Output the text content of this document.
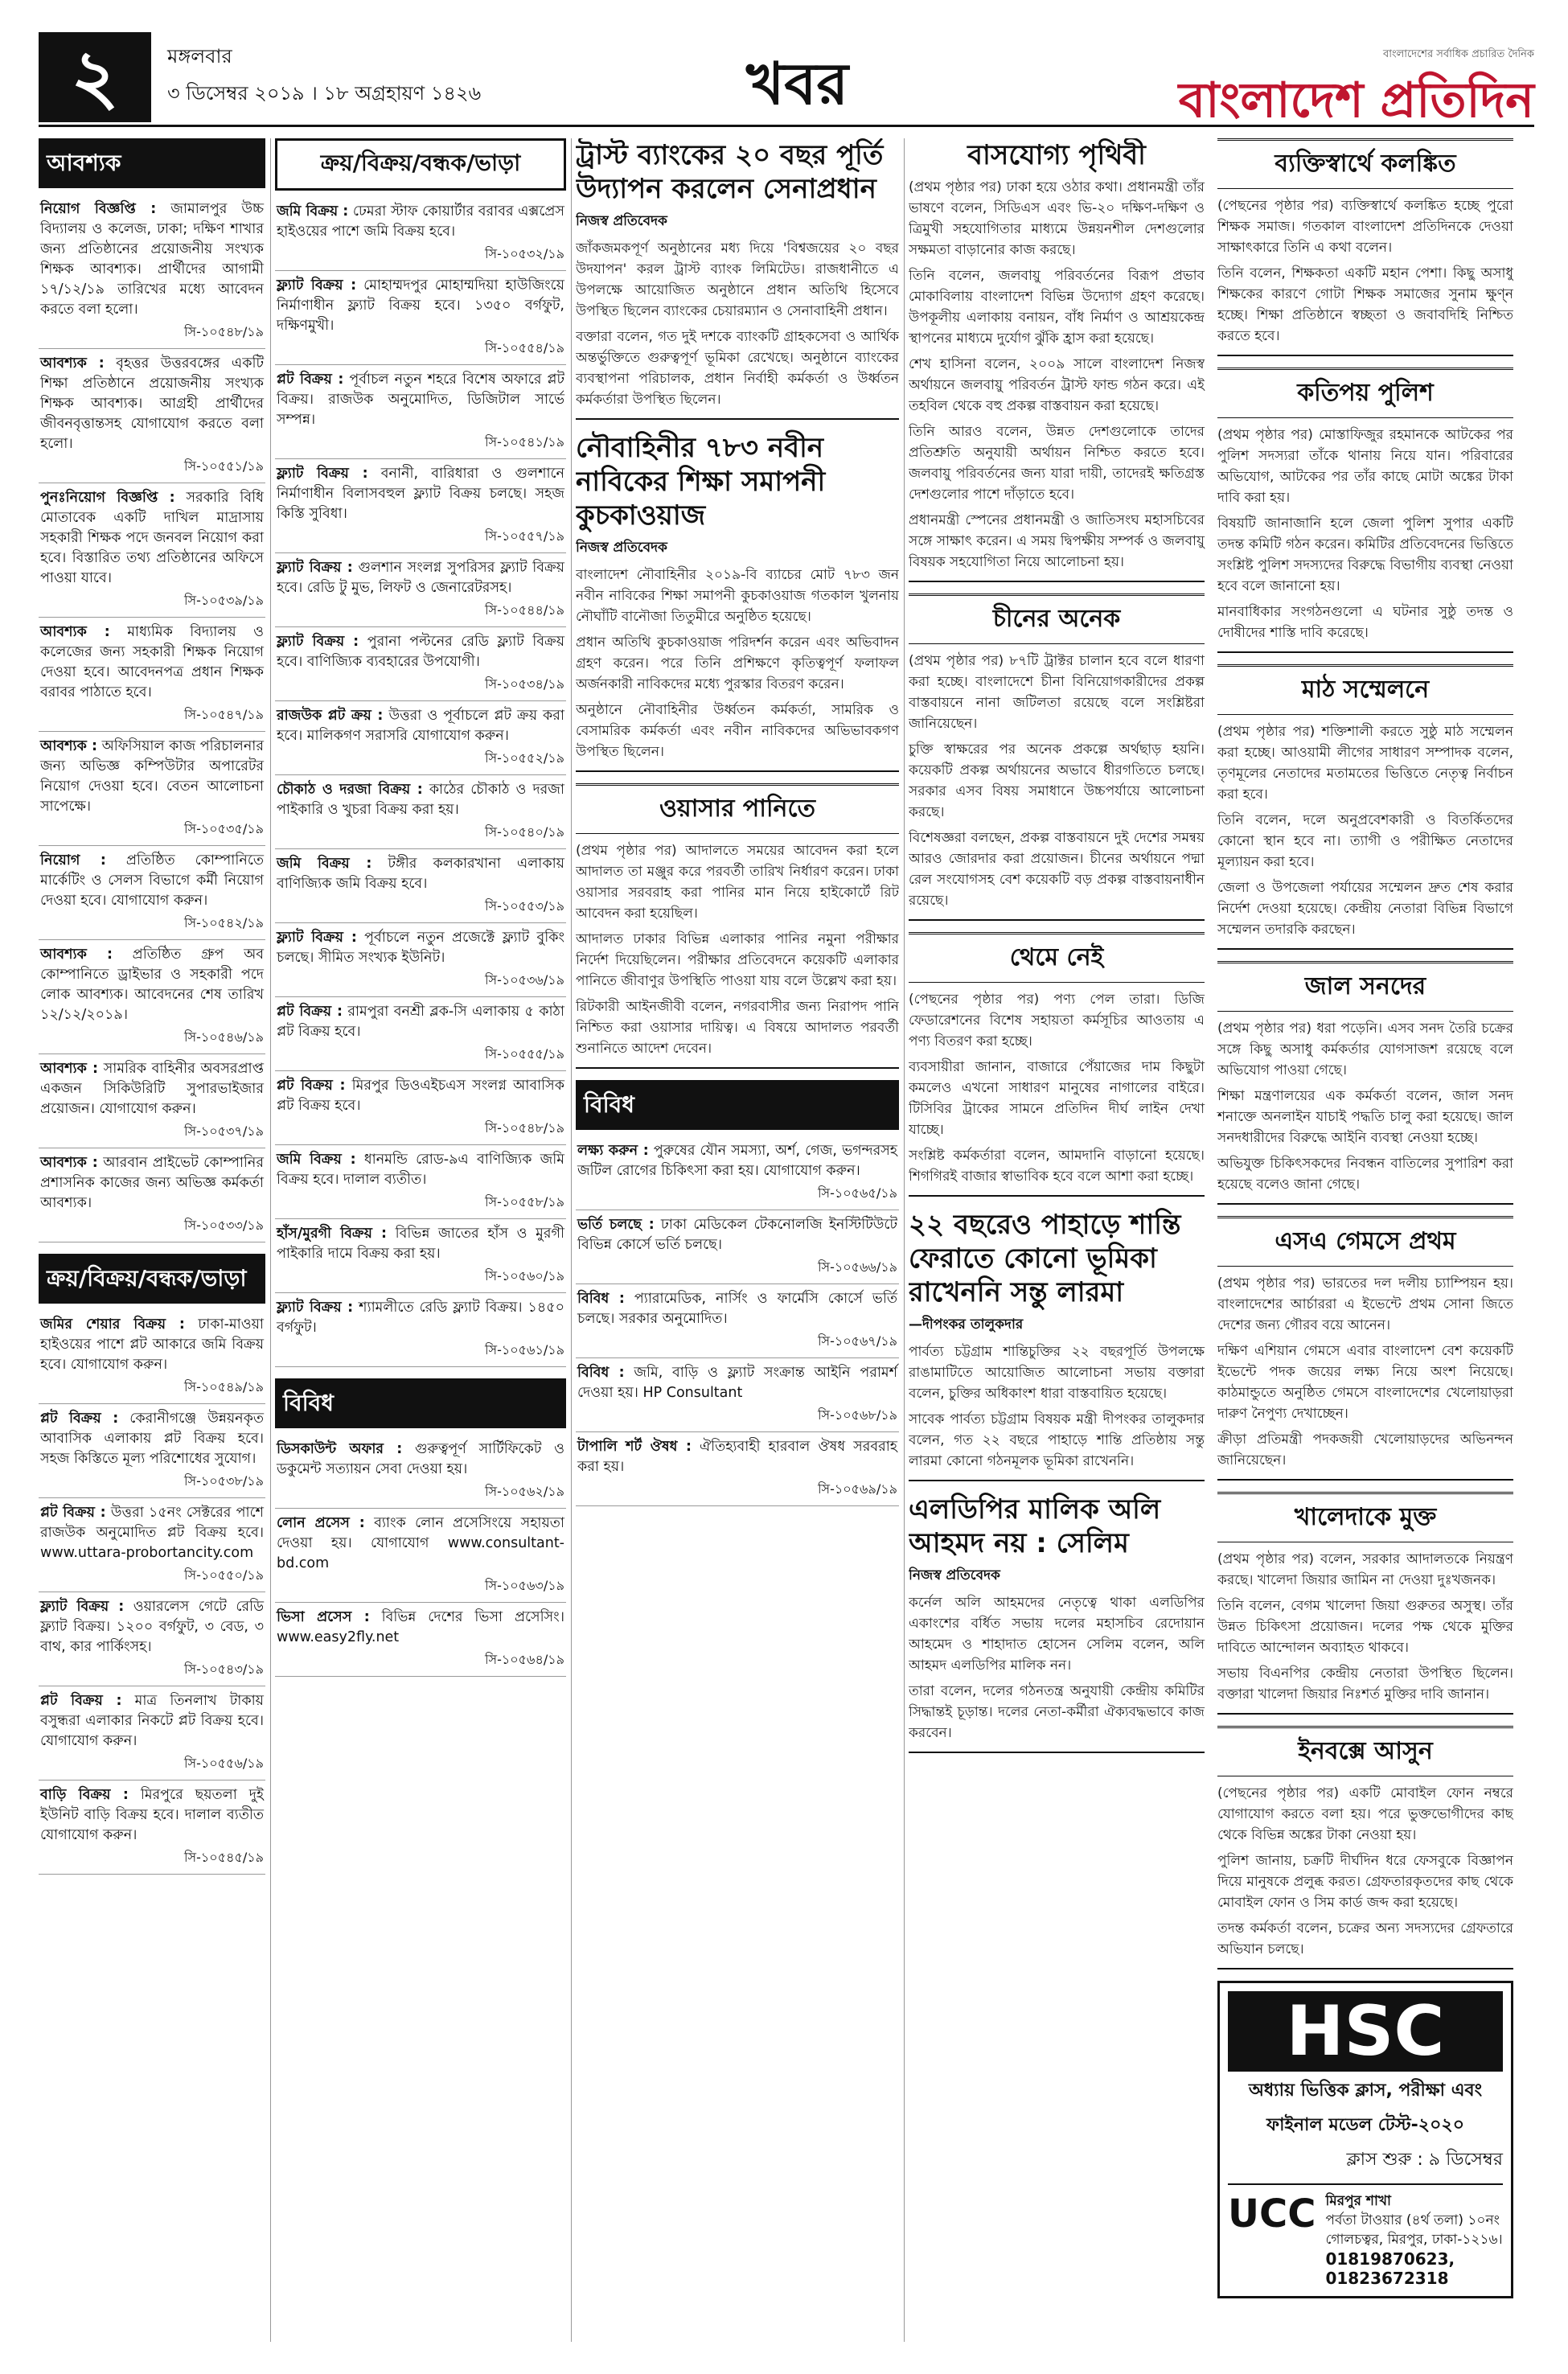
২	মঙ্গলবার
৩ ডিসেম্বর ২০১৯ । ১৮ অগ্রহায়ণ ১৪২৬	খবর	বাংলাদেশের সর্বাধিক প্রচারিত দৈনিক
বাংলাদেশ প্রতিদিন
আবশ্যক
নিয়োগ বিজ্ঞপ্তি : জামালপুর উচ্চ বিদ্যালয় ও কলেজ, ঢাকা; দক্ষিণ শাখার জন্য প্রতিষ্ঠানের প্রয়োজনীয় সংখ্যক শিক্ষক আবশ্যক। প্রার্থীদের আগামী ১৭/১২/১৯ তারিখের মধ্যে আবেদন করতে বলা হলো।
সি-১০৫৪৮/১৯
আবশ্যক : বৃহত্তর উত্তরবঙ্গের একটি শিক্ষা প্রতিষ্ঠানে প্রয়োজনীয় সংখ্যক শিক্ষক আবশ্যক। আগ্রহী প্রার্থীদের জীবনবৃত্তান্তসহ যোগাযোগ করতে বলা হলো।
সি-১০৫৫১/১৯
পুনঃনিয়োগ বিজ্ঞপ্তি : সরকারি বিধি মোতাবেক একটি দাখিল মাদ্রাসায় সহকারী শিক্ষক পদে জনবল নিয়োগ করা হবে। বিস্তারিত তথ্য প্রতিষ্ঠানের অফিসে পাওয়া যাবে।
সি-১০৫৩৯/১৯
আবশ্যক : মাধ্যমিক বিদ্যালয় ও কলেজের জন্য সহকারী শিক্ষক নিয়োগ দেওয়া হবে। আবেদনপত্র প্রধান শিক্ষক বরাবর পাঠাতে হবে।
সি-১০৫৪৭/১৯
আবশ্যক : অফিসিয়াল কাজ পরিচালনার জন্য অভিজ্ঞ কম্পিউটার অপারেটর নিয়োগ দেওয়া হবে। বেতন আলোচনা সাপেক্ষে।
সি-১০৫৩৫/১৯
নিয়োগ : প্রতিষ্ঠিত কোম্পানিতে মার্কেটিং ও সেলস বিভাগে কর্মী নিয়োগ দেওয়া হবে। যোগাযোগ করুন।
সি-১০৫৪২/১৯
আবশ্যক : প্রতিষ্ঠিত গ্রুপ অব কোম্পানিতে ড্রাইভার ও সহকারী পদে লোক আবশ্যক। আবেদনের শেষ তারিখ ১২/১২/২০১৯।
সি-১০৫৪৬/১৯
আবশ্যক : সামরিক বাহিনীর অবসরপ্রাপ্ত একজন সিকিউরিটি সুপারভাইজার প্রয়োজন। যোগাযোগ করুন।
সি-১০৫৩৭/১৯
আবশ্যক : আরবান প্রাইভেট কোম্পানির প্রশাসনিক কাজের জন্য অভিজ্ঞ কর্মকর্তা আবশ্যক।
সি-১০৫৩৩/১৯
ক্রয়/বিক্রয়/বন্ধক/ভাড়া
জমির শেয়ার বিক্রয় : ঢাকা-মাওয়া হাইওয়ের পাশে প্লট আকারে জমি বিক্রয় হবে। যোগাযোগ করুন।
সি-১০৫৪৯/১৯
প্লট বিক্রয় : কেরানীগঞ্জে উন্নয়নকৃত আবাসিক এলাকায় প্লট বিক্রয় হবে। সহজ কিস্তিতে মূল্য পরিশোধের সুযোগ।
সি-১০৫৩৮/১৯
প্লট বিক্রয় : উত্তরা ১৫নং সেক্টরের পাশে রাজউক অনুমোদিত প্লট বিক্রয় হবে। www.uttara-probortancity.com
সি-১০৫৫০/১৯
ফ্ল্যাট বিক্রয় : ওয়ারলেস গেটে রেডি ফ্ল্যাট বিক্রয়। ১২০০ বর্গফুট, ৩ বেড, ৩ বাথ, কার পার্কিংসহ।
সি-১০৫৪৩/১৯
প্লট বিক্রয় : মাত্র তিনলাখ টাকায় বসুন্ধরা এলাকার নিকটে প্লট বিক্রয় হবে। যোগাযোগ করুন।
সি-১০৫৫৬/১৯
বাড়ি বিক্রয় : মিরপুরে ছয়তলা দুই ইউনিট বাড়ি বিক্রয় হবে। দালাল ব্যতীত যোগাযোগ করুন।
সি-১০৫৪৫/১৯
ক্রয়/বিক্রয়/বন্ধক/ভাড়া
জমি বিক্রয় : ঢেমরা স্টাফ কোয়ার্টার বরাবর এক্সপ্রেস হাইওয়ের পাশে জমি বিক্রয় হবে।
সি-১০৫৩২/১৯
ফ্ল্যাট বিক্রয় : মোহাম্মদপুর মোহাম্মদিয়া হাউজিংয়ে নির্মাণাধীন ফ্ল্যাট বিক্রয় হবে। ১৩৫০ বর্গফুট, দক্ষিণমুখী।
সি-১০৫৫৪/১৯
প্লট বিক্রয় : পূর্বাচল নতুন শহরে বিশেষ অফারে প্লট বিক্রয়। রাজউক অনুমোদিত, ডিজিটাল সার্ভে সম্পন্ন।
সি-১০৫৪১/১৯
ফ্ল্যাট বিক্রয় : বনানী, বারিধারা ও গুলশানে নির্মাণাধীন বিলাসবহুল ফ্ল্যাট বিক্রয় চলছে। সহজ কিস্তি সুবিধা।
সি-১০৫৫৭/১৯
ফ্ল্যাট বিক্রয় : গুলশান সংলগ্ন সুপরিসর ফ্ল্যাট বিক্রয় হবে। রেডি টু মুভ, লিফট ও জেনারেটরসহ।
সি-১০৫৪৪/১৯
ফ্ল্যাট বিক্রয় : পুরানা পল্টনের রেডি ফ্ল্যাট বিক্রয় হবে। বাণিজ্যিক ব্যবহারের উপযোগী।
সি-১০৫৩৪/১৯
রাজউক প্লট ক্রয় : উত্তরা ও পূর্বাচলে প্লট ক্রয় করা হবে। মালিকগণ সরাসরি যোগাযোগ করুন।
সি-১০৫৫২/১৯
চৌকাঠ ও দরজা বিক্রয় : কাঠের চৌকাঠ ও দরজা পাইকারি ও খুচরা বিক্রয় করা হয়।
সি-১০৫৪০/১৯
জমি বিক্রয় : টঙ্গীর কলকারখানা এলাকায় বাণিজ্যিক জমি বিক্রয় হবে।
সি-১০৫৫৩/১৯
ফ্ল্যাট বিক্রয় : পূর্বাচলে নতুন প্রজেক্টে ফ্ল্যাট বুকিং চলছে। সীমিত সংখ্যক ইউনিট।
সি-১০৫৩৬/১৯
প্লট বিক্রয় : রামপুরা বনশ্রী ব্লক-সি এলাকায় ৫ কাঠা প্লট বিক্রয় হবে।
সি-১০৫৫৫/১৯
প্লট বিক্রয় : মিরপুর ডিওএইচএস সংলগ্ন আবাসিক প্লট বিক্রয় হবে।
সি-১০৫৪৮/১৯
জমি বিক্রয় : ধানমন্ডি রোড-৯এ বাণিজ্যিক জমি বিক্রয় হবে। দালাল ব্যতীত।
সি-১০৫৫৮/১৯
হাঁস/মুরগী বিক্রয় : বিভিন্ন জাতের হাঁস ও মুরগী পাইকারি দামে বিক্রয় করা হয়।
সি-১০৫৬০/১৯
ফ্ল্যাট বিক্রয় : শ্যামলীতে রেডি ফ্ল্যাট বিক্রয়। ১৪৫০ বর্গফুট।
সি-১০৫৬১/১৯
বিবিধ
ডিসকাউন্ট অফার : গুরুত্বপূর্ণ সার্টিফিকেট ও ডকুমেন্ট সত্যায়ন সেবা দেওয়া হয়।
সি-১০৫৬২/১৯
লোন প্রসেস : ব্যাংক লোন প্রসেসিংয়ে সহায়তা দেওয়া হয়। যোগাযোগ www.consultant-bd.com
সি-১০৫৬৩/১৯
ভিসা প্রসেস : বিভিন্ন দেশের ভিসা প্রসেসিং। www.easy2fly.net
সি-১০৫৬৪/১৯
ট্রাস্ট ব্যাংকের ২০ বছর পূর্তি উদ্যাপন করলেন সেনাপ্রধান
নিজস্ব প্রতিবেদক

জাঁকজমকপূর্ণ অনুষ্ঠানের মধ্য দিয়ে 'বিশ্বজয়ের ২০ বছর উদযাপন' করল ট্রাস্ট ব্যাংক লিমিটেড। রাজধানীতে এ উপলক্ষে আয়োজিত অনুষ্ঠানে প্রধান অতিথি হিসেবে উপস্থিত ছিলেন ব্যাংকের চেয়ারম্যান ও সেনাবাহিনী প্রধান।

বক্তারা বলেন, গত দুই দশকে ব্যাংকটি গ্রাহকসেবা ও আর্থিক অন্তর্ভুক্তিতে গুরুত্বপূর্ণ ভূমিকা রেখেছে। অনুষ্ঠানে ব্যাংকের ব্যবস্থাপনা পরিচালক, প্রধান নির্বাহী কর্মকর্তা ও উর্ধ্বতন কর্মকর্তারা উপস্থিত ছিলেন।

নৌবাহিনীর ৭৮৩ নবীন নাবিকের শিক্ষা সমাপনী কুচকাওয়াজ
নিজস্ব প্রতিবেদক

বাংলাদেশ নৌবাহিনীর ২০১৯-বি ব্যাচের মোট ৭৮৩ জন নবীন নাবিকের শিক্ষা সমাপনী কুচকাওয়াজ গতকাল খুলনায় নৌঘাঁটি বানৌজা তিতুমীরে অনুষ্ঠিত হয়েছে।

প্রধান অতিথি কুচকাওয়াজ পরিদর্শন করেন এবং অভিবাদন গ্রহণ করেন। পরে তিনি প্রশিক্ষণে কৃতিত্বপূর্ণ ফলাফল অর্জনকারী নাবিকদের মধ্যে পুরস্কার বিতরণ করেন।

অনুষ্ঠানে নৌবাহিনীর উর্ধ্বতন কর্মকর্তা, সামরিক ও বেসামরিক কর্মকর্তা এবং নবীন নাবিকদের অভিভাবকগণ উপস্থিত ছিলেন।

ওয়াসার পানিতে

(প্রথম পৃষ্ঠার পর) আদালতে সময়ের আবেদন করা হলে আদালত তা মঞ্জুর করে পরবর্তী তারিখ নির্ধারণ করেন। ঢাকা ওয়াসার সরবরাহ করা পানির মান নিয়ে হাইকোর্টে রিট আবেদন করা হয়েছিল।

আদালত ঢাকার বিভিন্ন এলাকার পানির নমুনা পরীক্ষার নির্দেশ দিয়েছিলেন। পরীক্ষার প্রতিবেদনে কয়েকটি এলাকার পানিতে জীবাণুর উপস্থিতি পাওয়া যায় বলে উল্লেখ করা হয়।

রিটকারী আইনজীবী বলেন, নগরবাসীর জন্য নিরাপদ পানি নিশ্চিত করা ওয়াসার দায়িত্ব। এ বিষয়ে আদালত পরবর্তী শুনানিতে আদেশ দেবেন।

বিবিধ
লক্ষ্য করুন : পুরুষের যৌন সমস্যা, অর্শ, গেজ, ভগন্দরসহ জটিল রোগের চিকিৎসা করা হয়। যোগাযোগ করুন।
সি-১০৫৬৫/১৯
ভর্তি চলছে : ঢাকা মেডিকেল টেকনোলজি ইনস্টিটিউটে বিভিন্ন কোর্সে ভর্তি চলছে।
সি-১০৫৬৬/১৯
বিবিধ : প্যারামেডিক, নার্সিং ও ফার্মেসি কোর্সে ভর্তি চলছে। সরকার অনুমোদিত।
সি-১০৫৬৭/১৯
বিবিধ : জমি, বাড়ি ও ফ্ল্যাট সংক্রান্ত আইনি পরামর্শ দেওয়া হয়। HP Consultant
সি-১০৫৬৮/১৯
টাপালি শর্ট ঔষধ : ঐতিহ্যবাহী হারবাল ঔষধ সরবরাহ করা হয়।
সি-১০৫৬৯/১৯
বাসযোগ্য পৃথিবী

(প্রথম পৃষ্ঠার পর) ঢাকা হয়ে ওঠার কথা। প্রধানমন্ত্রী তাঁর ভাষণে বলেন, সিডিএস এবং ভি-২০ দক্ষিণ-দক্ষিণ ও ত্রিমুখী সহযোগিতার মাধ্যমে উন্নয়নশীল দেশগুলোর সক্ষমতা বাড়ানোর কাজ করছে।

তিনি বলেন, জলবায়ু পরিবর্তনের বিরূপ প্রভাব মোকাবিলায় বাংলাদেশ বিভিন্ন উদ্যোগ গ্রহণ করেছে। উপকূলীয় এলাকায় বনায়ন, বাঁধ নির্মাণ ও আশ্রয়কেন্দ্র স্থাপনের মাধ্যমে দুর্যোগ ঝুঁকি হ্রাস করা হয়েছে।

শেখ হাসিনা বলেন, ২০০৯ সালে বাংলাদেশ নিজস্ব অর্থায়নে জলবায়ু পরিবর্তন ট্রাস্ট ফান্ড গঠন করে। এই তহবিল থেকে বহু প্রকল্প বাস্তবায়ন করা হয়েছে।

তিনি আরও বলেন, উন্নত দেশগুলোকে তাদের প্রতিশ্রুতি অনুযায়ী অর্থায়ন নিশ্চিত করতে হবে। জলবায়ু পরিবর্তনের জন্য যারা দায়ী, তাদেরই ক্ষতিগ্রস্ত দেশগুলোর পাশে দাঁড়াতে হবে।

প্রধানমন্ত্রী স্পেনের প্রধানমন্ত্রী ও জাতিসংঘ মহাসচিবের সঙ্গে সাক্ষাৎ করেন। এ সময় দ্বিপক্ষীয় সম্পর্ক ও জলবায়ু বিষয়ক সহযোগিতা নিয়ে আলোচনা হয়।

চীনের অনেক

(প্রথম পৃষ্ঠার পর) ৮৭টি ট্রাক্টর চালান হবে বলে ধারণা করা হচ্ছে। বাংলাদেশে চীনা বিনিয়োগকারীদের প্রকল্প বাস্তবায়নে নানা জটিলতা রয়েছে বলে সংশ্লিষ্টরা জানিয়েছেন।

চুক্তি স্বাক্ষরের পর অনেক প্রকল্পে অর্থছাড় হয়নি। কয়েকটি প্রকল্প অর্থায়নের অভাবে ধীরগতিতে চলছে। সরকার এসব বিষয় সমাধানে উচ্চপর্যায়ে আলোচনা করছে।

বিশেষজ্ঞরা বলছেন, প্রকল্প বাস্তবায়নে দুই দেশের সমন্বয় আরও জোরদার করা প্রয়োজন। চীনের অর্থায়নে পদ্মা রেল সংযোগসহ বেশ কয়েকটি বড় প্রকল্প বাস্তবায়নাধীন রয়েছে।

থেমে নেই

(পেছনের পৃষ্ঠার পর) পণ্য পেল তারা। ডিজি ফেডারেশনের বিশেষ সহায়তা কর্মসূচির আওতায় এ পণ্য বিতরণ করা হচ্ছে।

ব্যবসায়ীরা জানান, বাজারে পেঁয়াজের দাম কিছুটা কমলেও এখনো সাধারণ মানুষের নাগালের বাইরে। টিসিবির ট্রাকের সামনে প্রতিদিন দীর্ঘ লাইন দেখা যাচ্ছে।

সংশ্লিষ্ট কর্মকর্তারা বলেন, আমদানি বাড়ানো হয়েছে। শিগগিরই বাজার স্বাভাবিক হবে বলে আশা করা হচ্ছে।

২২ বছরেও পাহাড়ে শান্তি ফেরাতে কোনো ভূমিকা রাখেননি সন্তু লারমা
—দীপংকর তালুকদার

পার্বত্য চট্টগ্রাম শান্তিচুক্তির ২২ বছরপূর্তি উপলক্ষে রাঙামাটিতে আয়োজিত আলোচনা সভায় বক্তারা বলেন, চুক্তির অধিকাংশ ধারা বাস্তবায়িত হয়েছে।

সাবেক পার্বত্য চট্টগ্রাম বিষয়ক মন্ত্রী দীপংকর তালুকদার বলেন, গত ২২ বছরে পাহাড়ে শান্তি প্রতিষ্ঠায় সন্তু লারমা কোনো গঠনমূলক ভূমিকা রাখেননি।

এলডিপির মালিক অলি আহমদ নয় : সেলিম
নিজস্ব প্রতিবেদক

কর্নেল অলি আহমদের নেতৃত্বে থাকা এলডিপির একাংশের বর্ধিত সভায় দলের মহাসচিব রেদোয়ান আহমেদ ও শাহাদাত হোসেন সেলিম বলেন, অলি আহমদ এলডিপির মালিক নন।

তারা বলেন, দলের গঠনতন্ত্র অনুযায়ী কেন্দ্রীয় কমিটির সিদ্ধান্তই চূড়ান্ত। দলের নেতা-কর্মীরা ঐক্যবদ্ধভাবে কাজ করবেন।

ব্যক্তিস্বার্থে কলঙ্কিত

(পেছনের পৃষ্ঠার পর) ব্যক্তিস্বার্থে কলঙ্কিত হচ্ছে পুরো শিক্ষক সমাজ। গতকাল বাংলাদেশ প্রতিদিনকে দেওয়া সাক্ষাৎকারে তিনি এ কথা বলেন।

তিনি বলেন, শিক্ষকতা একটি মহান পেশা। কিছু অসাধু শিক্ষকের কারণে গোটা শিক্ষক সমাজের সুনাম ক্ষুণ্ন হচ্ছে। শিক্ষা প্রতিষ্ঠানে স্বচ্ছতা ও জবাবদিহি নিশ্চিত করতে হবে।

কতিপয় পুলিশ

(প্রথম পৃষ্ঠার পর) মোস্তাফিজুর রহমানকে আটকের পর পুলিশ সদস্যরা তাঁকে থানায় নিয়ে যান। পরিবারের অভিযোগ, আটকের পর তাঁর কাছে মোটা অঙ্কের টাকা দাবি করা হয়।

বিষয়টি জানাজানি হলে জেলা পুলিশ সুপার একটি তদন্ত কমিটি গঠন করেন। কমিটির প্রতিবেদনের ভিত্তিতে সংশ্লিষ্ট পুলিশ সদস্যদের বিরুদ্ধে বিভাগীয় ব্যবস্থা নেওয়া হবে বলে জানানো হয়।

মানবাধিকার সংগঠনগুলো এ ঘটনার সুষ্ঠু তদন্ত ও দোষীদের শাস্তি দাবি করেছে।

মাঠ সম্মেলনে

(প্রথম পৃষ্ঠার পর) শক্তিশালী করতে সুষ্ঠু মাঠ সম্মেলন করা হচ্ছে। আওয়ামী লীগের সাধারণ সম্পাদক বলেন, তৃণমূলের নেতাদের মতামতের ভিত্তিতে নেতৃত্ব নির্বাচন করা হবে।

তিনি বলেন, দলে অনুপ্রবেশকারী ও বিতর্কিতদের কোনো স্থান হবে না। ত্যাগী ও পরীক্ষিত নেতাদের মূল্যায়ন করা হবে।

জেলা ও উপজেলা পর্যায়ের সম্মেলন দ্রুত শেষ করার নির্দেশ দেওয়া হয়েছে। কেন্দ্রীয় নেতারা বিভিন্ন বিভাগে সম্মেলন তদারকি করছেন।

জাল সনদের

(প্রথম পৃষ্ঠার পর) ধরা পড়েনি। এসব সনদ তৈরি চক্রের সঙ্গে কিছু অসাধু কর্মকর্তার যোগসাজশ রয়েছে বলে অভিযোগ পাওয়া গেছে।

শিক্ষা মন্ত্রণালয়ের এক কর্মকর্তা বলেন, জাল সনদ শনাক্তে অনলাইন যাচাই পদ্ধতি চালু করা হয়েছে। জাল সনদধারীদের বিরুদ্ধে আইনি ব্যবস্থা নেওয়া হচ্ছে।

অভিযুক্ত চিকিৎসকদের নিবন্ধন বাতিলের সুপারিশ করা হয়েছে বলেও জানা গেছে।

এসএ গেমসে প্রথম

(প্রথম পৃষ্ঠার পর) ভারতের দল দলীয় চ্যাম্পিয়ন হয়। বাংলাদেশের আর্চাররা এ ইভেন্টে প্রথম সোনা জিতে দেশের জন্য গৌরব বয়ে আনেন।

দক্ষিণ এশিয়ান গেমসে এবার বাংলাদেশ বেশ কয়েকটি ইভেন্টে পদক জয়ের লক্ষ্য নিয়ে অংশ নিয়েছে। কাঠমান্ডুতে অনুষ্ঠিত গেমসে বাংলাদেশের খেলোয়াড়রা দারুণ নৈপুণ্য দেখাচ্ছেন।

ক্রীড়া প্রতিমন্ত্রী পদকজয়ী খেলোয়াড়দের অভিনন্দন জানিয়েছেন।

খালেদাকে মুক্ত

(প্রথম পৃষ্ঠার পর) বলেন, সরকার আদালতকে নিয়ন্ত্রণ করছে। খালেদা জিয়ার জামিন না দেওয়া দুঃখজনক।

তিনি বলেন, বেগম খালেদা জিয়া গুরুতর অসুস্থ। তাঁর উন্নত চিকিৎসা প্রয়োজন। দলের পক্ষ থেকে মুক্তির দাবিতে আন্দোলন অব্যাহত থাকবে।

সভায় বিএনপির কেন্দ্রীয় নেতারা উপস্থিত ছিলেন। বক্তারা খালেদা জিয়ার নিঃশর্ত মুক্তির দাবি জানান।

ইনবক্সে আসুন

(পেছনের পৃষ্ঠার পর) একটি মোবাইল ফোন নম্বরে যোগাযোগ করতে বলা হয়। পরে ভুক্তভোগীদের কাছ থেকে বিভিন্ন অঙ্কের টাকা নেওয়া হয়।

পুলিশ জানায়, চক্রটি দীর্ঘদিন ধরে ফেসবুকে বিজ্ঞাপন দিয়ে মানুষকে প্রলুব্ধ করত। গ্রেফতারকৃতদের কাছ থেকে মোবাইল ফোন ও সিম কার্ড জব্দ করা হয়েছে।

তদন্ত কর্মকর্তা বলেন, চক্রের অন্য সদস্যদের গ্রেফতারে অভিযান চলছে।

HSC
অধ্যায় ভিত্তিক ক্লাস, পরীক্ষা এবং
ফাইনাল মডেল টেস্ট-২০২০
ক্লাস শুরু : ৯ ডিসেম্বর
UCC মিরপুর শাখা
পর্বতা টাওয়ার (৪র্থ তলা) ১০নং গোলচত্বর, মিরপুর, ঢাকা-১২১৬।
01819870623,
01823672318
